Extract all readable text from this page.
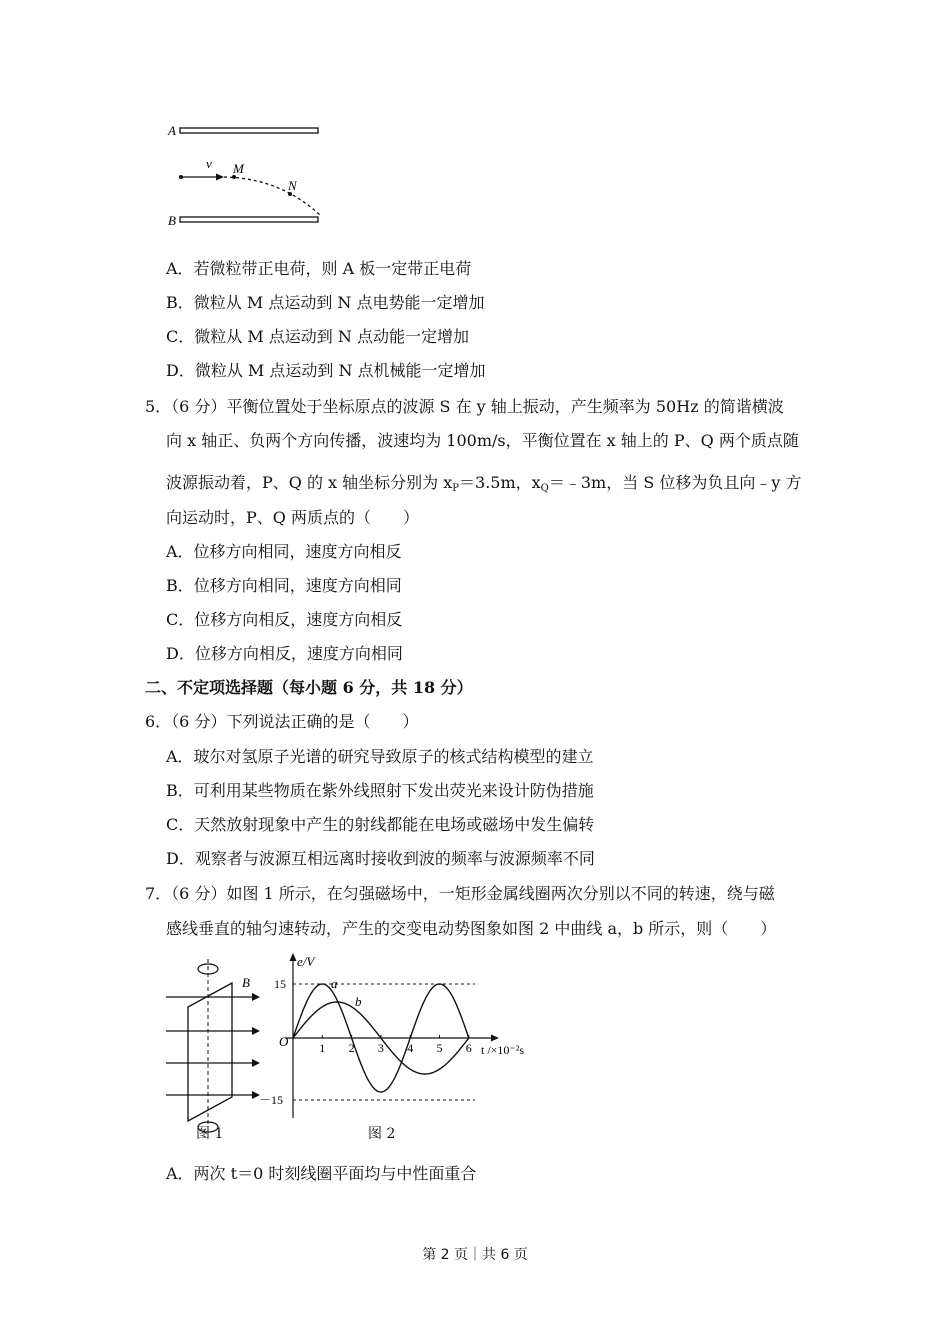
A
B
v M
N
A．若微粒带正电荷，则 A 板一定带正电荷
B．微粒从 M 点运动到 N 点电势能一定增加
C．微粒从 M 点运动到 N 点动能一定增加
D．微粒从 M 点运动到 N 点机械能一定增加
5．（6 分）平衡位置处于坐标原点的波源 S 在 y 轴上振动，产生频率为 50Hz 的简谐横波
向 x 轴正、负两个方向传播，波速均为 100m/s，平衡位置在 x 轴上的 P、Q 两个质点随
波源振动着，P、Q 的 x 轴坐标分别为 $x_P=3.5m$，$x_Q=﹣3m$，当 S 位移为负且向﹣y 方
向运动时，P、Q 两质点的（　　）
A．位移方向相同，速度方向相反
B．位移方向相同，速度方向相同
C．位移方向相反，速度方向相反
D．位移方向相反，速度方向相同
二、不定项选择题（每小题 6 分，共 18 分）
6．（6 分）下列说法正确的是（　　）
A．玻尔对氢原子光谱的研究导致原子的核式结构模型的建立
B．可利用某些物质在紫外线照射下发出荧光来设计防伪措施
C．天然放射现象中产生的射线都能在电场或磁场中发生偏转
D．观察者与波源互相远离时接收到波的频率与波源频率不同
7．（6 分）如图 1 所示，在匀强磁场中，一矩形金属线圈两次分别以不同的转速，绕与磁
感线垂直的轴匀速转动，产生的交变电动势图象如图 2 中曲线 a，b 所示，则（　　）
B
图 1
e/V
t /×10⁻²s
O
15
－15
1 2 3 4 5 6
a
b
图 2
A．两次 t＝0 时刻线圈平面均与中性面重合
第 2 页｜共 6 页
